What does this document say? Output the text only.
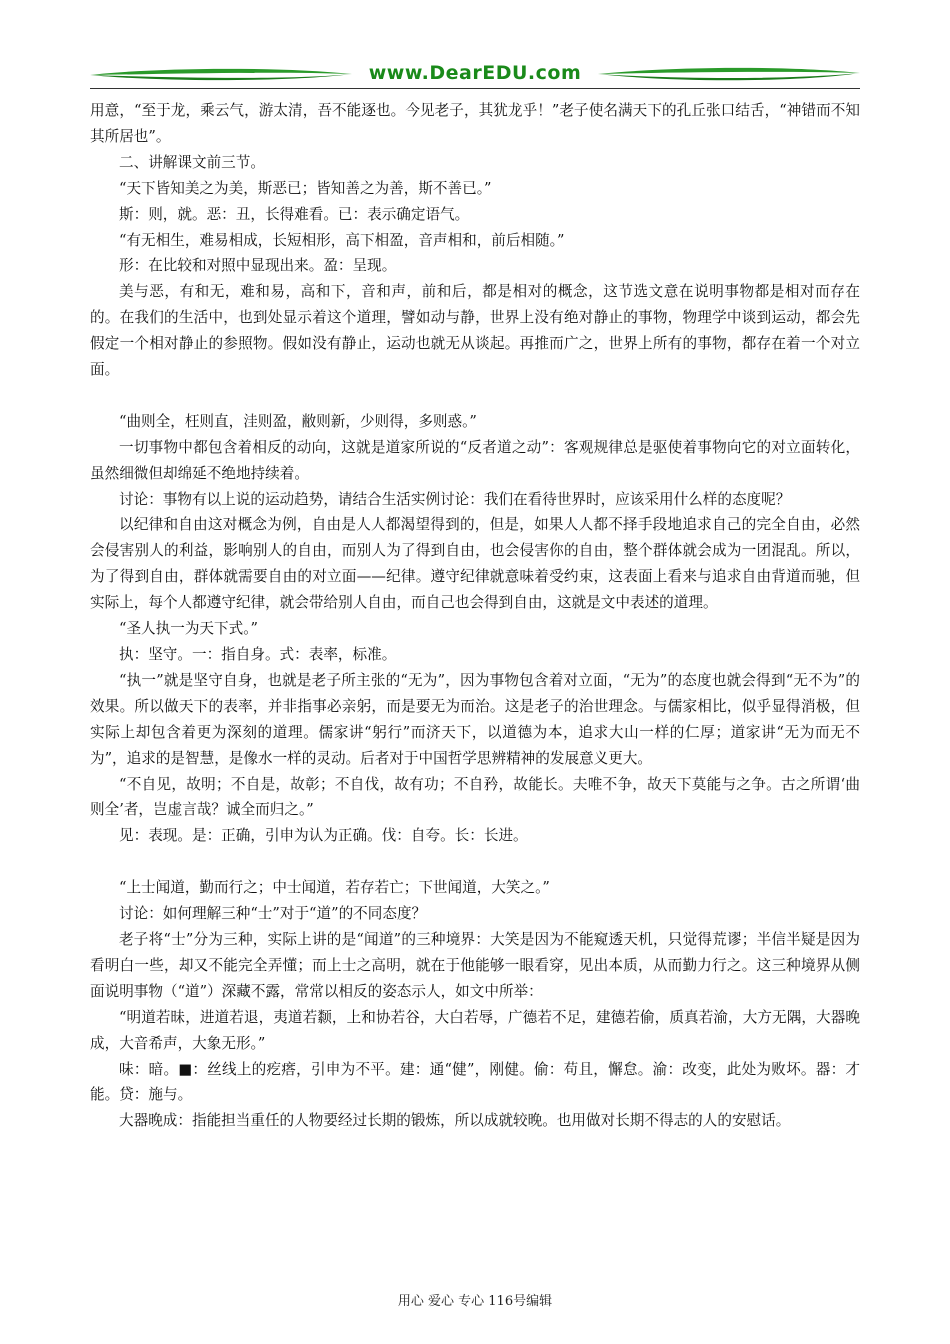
www.DearEDU.com

用意，“至于龙，乘云气，游太清，吾不能逐也。今见老子，其犹龙乎！”老子使名满天下的孔丘张口结舌，“神错而不知其所居也”。

二、讲解课文前三节。

“天下皆知美之为美，斯恶已；皆知善之为善，斯不善已。”

斯：则，就。恶：丑，长得难看。已：表示确定语气。

“有无相生，难易相成，长短相形，高下相盈，音声相和，前后相随。”

形：在比较和对照中显现出来。盈：呈现。

美与恶，有和无，难和易，高和下，音和声，前和后，都是相对的概念，这节选文意在说明事物都是相对而存在的。在我们的生活中，也到处显示着这个道理，譬如动与静，世界上没有绝对静止的事物，物理学中谈到运动，都会先假定一个相对静止的参照物。假如没有静止，运动也就无从谈起。再推而广之，世界上所有的事物，都存在着一个对立面。

“曲则全，枉则直，洼则盈，敝则新，少则得，多则惑。”

一切事物中都包含着相反的动向，这就是道家所说的“反者道之动”：客观规律总是驱使着事物向它的对立面转化，虽然细微但却绵延不绝地持续着。

讨论：事物有以上说的运动趋势，请结合生活实例讨论：我们在看待世界时，应该采用什么样的态度呢？

以纪律和自由这对概念为例，自由是人人都渴望得到的，但是，如果人人都不择手段地追求自己的完全自由，必然会侵害别人的利益，影响别人的自由，而别人为了得到自由，也会侵害你的自由，整个群体就会成为一团混乱。所以，为了得到自由，群体就需要自由的对立面——纪律。遵守纪律就意味着受约束，这表面上看来与追求自由背道而驰，但实际上，每个人都遵守纪律，就会带给别人自由，而自己也会得到自由，这就是文中表述的道理。

“圣人执一为天下式。”

执：坚守。一：指自身。式：表率，标准。

“执一”就是坚守自身，也就是老子所主张的“无为”，因为事物包含着对立面，“无为”的态度也就会得到“无不为”的效果。所以做天下的表率，并非指事必亲躬，而是要无为而治。这是老子的治世理念。与儒家相比，似乎显得消极，但实际上却包含着更为深刻的道理。儒家讲“躬行”而济天下，以道德为本，追求大山一样的仁厚；道家讲“无为而无不为”，追求的是智慧，是像水一样的灵动。后者对于中国哲学思辨精神的发展意义更大。

“不自见，故明；不自是，故彰；不自伐，故有功；不自矜，故能长。夫唯不争，故天下莫能与之争。古之所谓‘曲则全’者，岂虚言哉？诚全而归之。”

见：表现。是：正确，引申为认为正确。伐：自夸。长：长进。

“上士闻道，勤而行之；中士闻道，若存若亡；下世闻道，大笑之。”

讨论：如何理解三种“士”对于“道”的不同态度？

老子将“士”分为三种，实际上讲的是“闻道”的三种境界：大笑是因为不能窥透天机，只觉得荒谬；半信半疑是因为看明白一些，却又不能完全弄懂；而上士之高明，就在于他能够一眼看穿，见出本质，从而勤力行之。这三种境界从侧面说明事物（“道”）深藏不露，常常以相反的姿态示人，如文中所举：

“明道若昧，进道若退，夷道若颣，上和协若谷，大白若辱，广德若不足，建德若偷，质真若渝，大方无隅，大器晚成，大音希声，大象无形。”

味：暗。■：丝线上的疙瘩，引申为不平。建：通“健”，刚健。偷：苟且，懈怠。渝：改变，此处为败坏。器：才能。贷：施与。

大器晚成：指能担当重任的人物要经过长期的锻炼，所以成就较晚。也用做对长期不得志的人的安慰话。

用心 爱心 专心 116号编辑
